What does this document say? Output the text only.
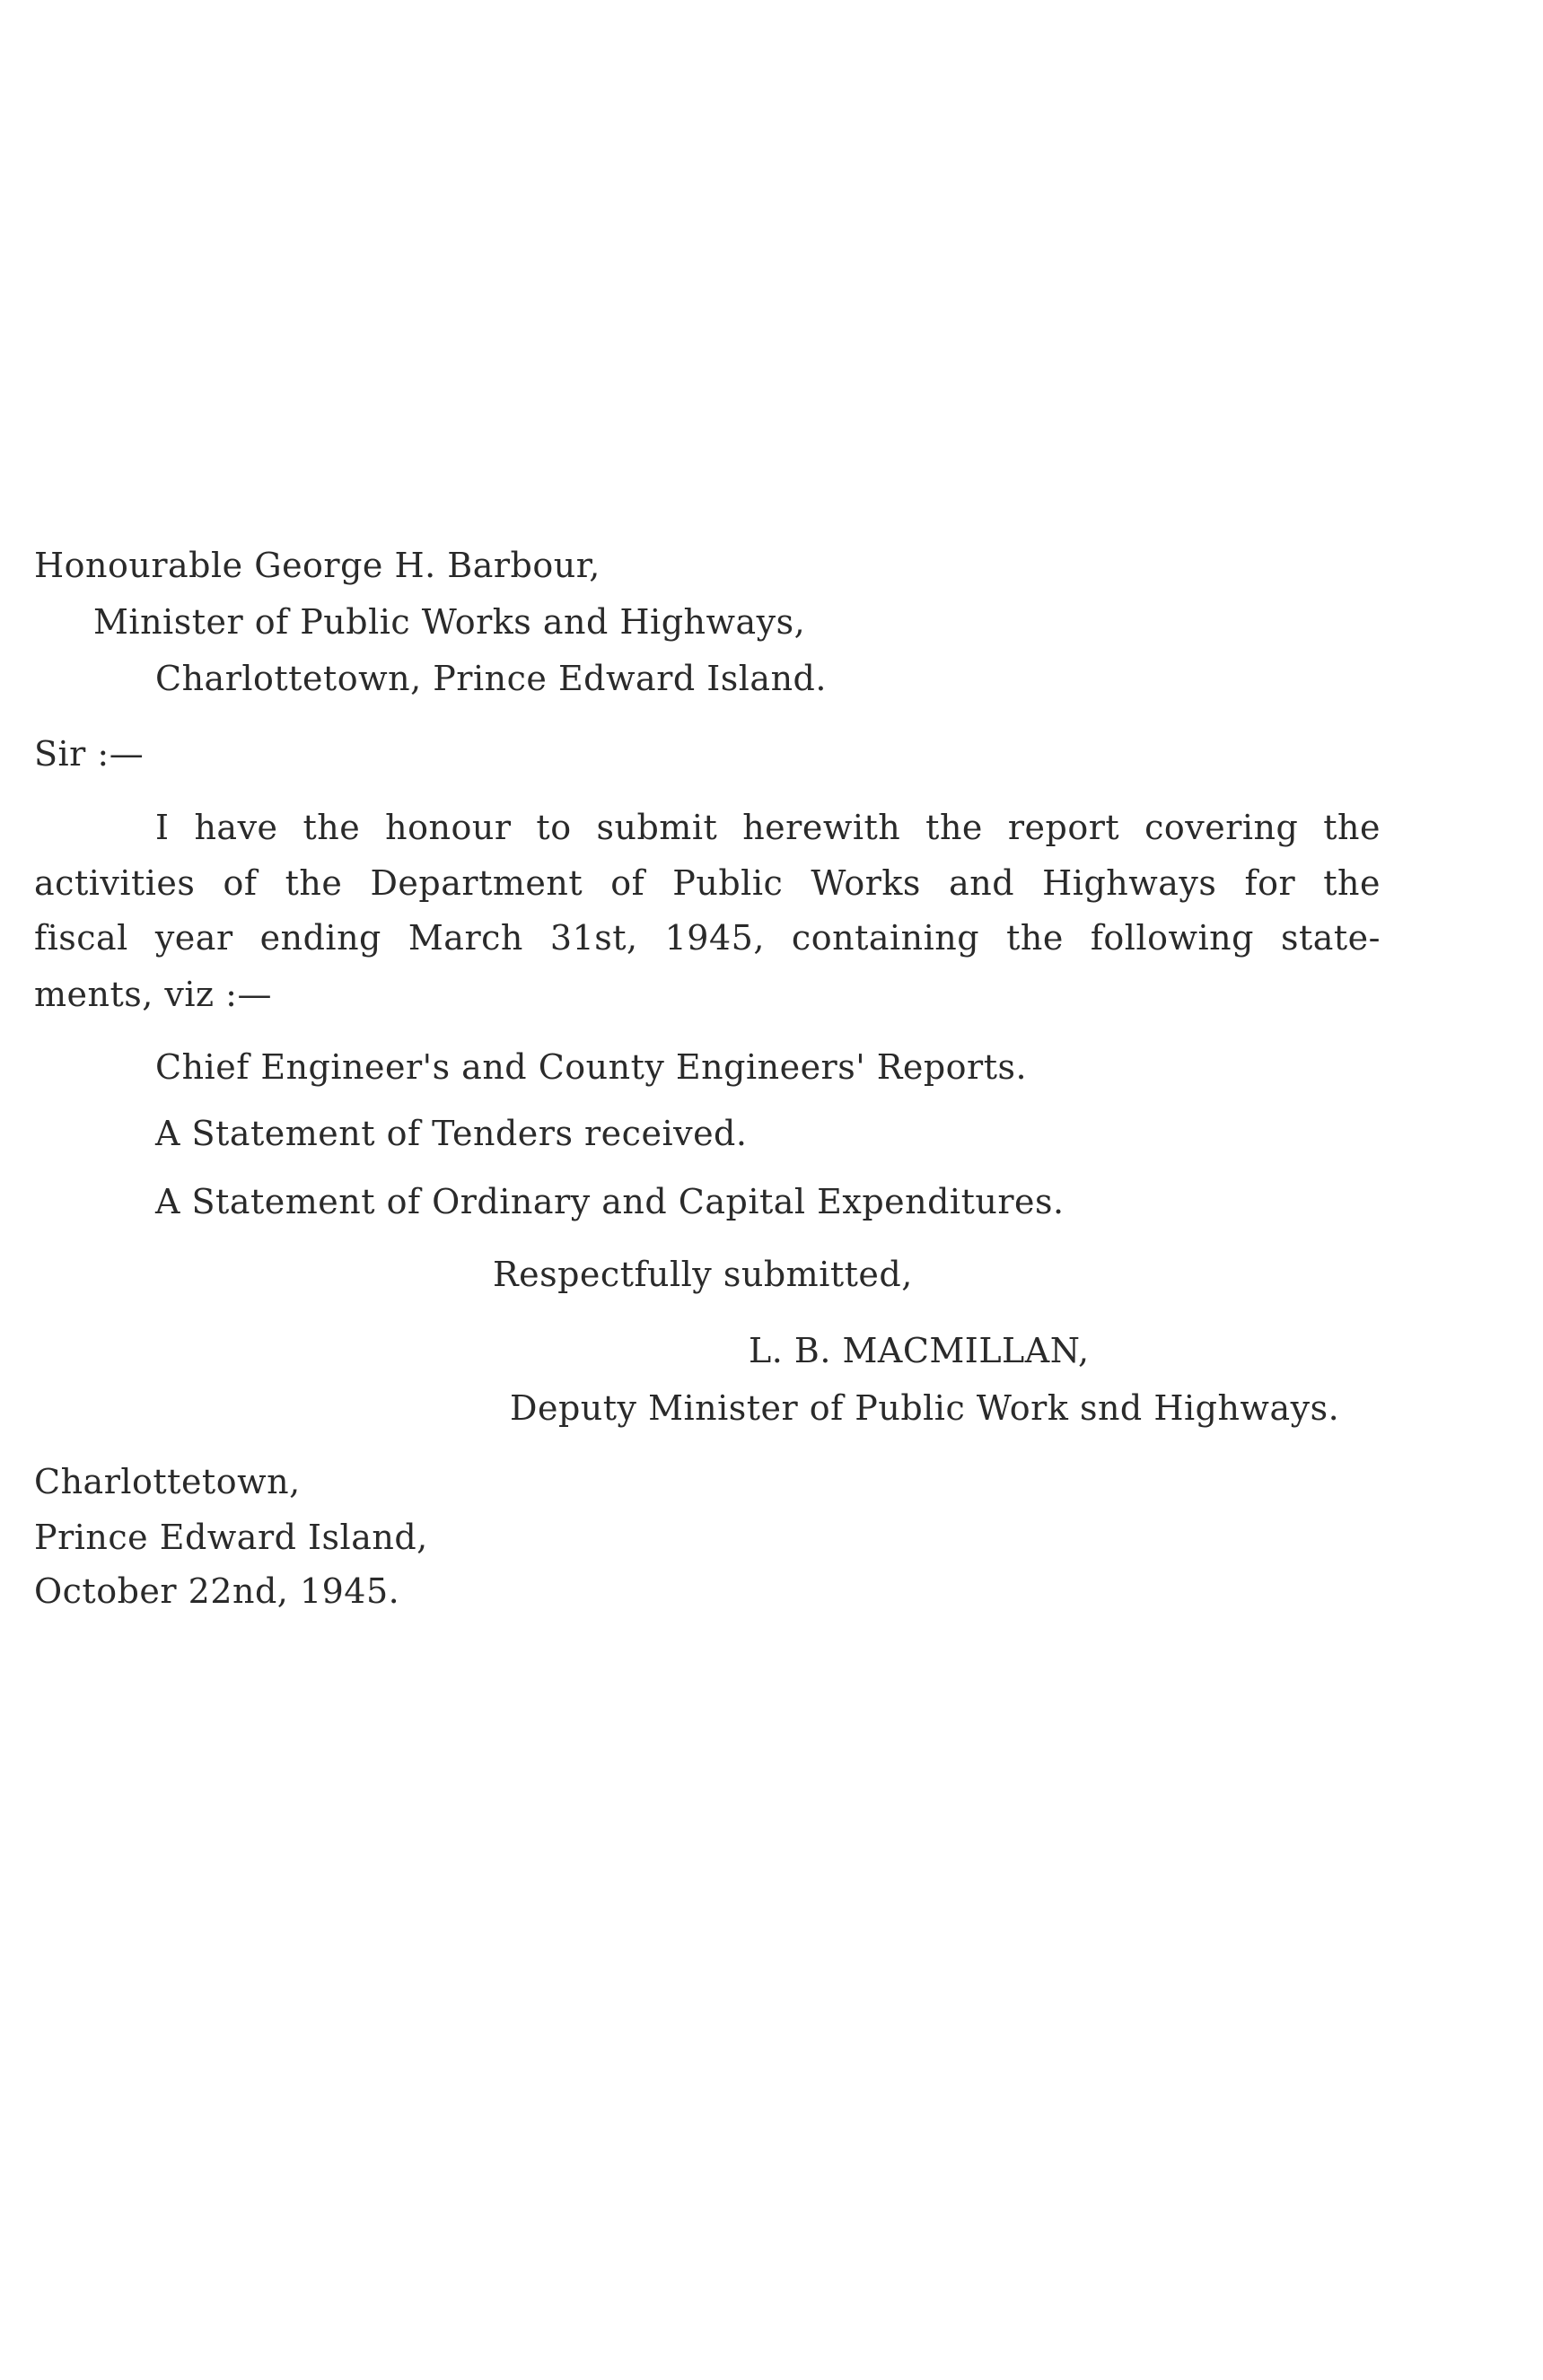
Honourable George H. Barbour,
Minister of Public Works and Highways,
Charlottetown, Prince Edward Island.
Sir :—
I have the honour to submit herewith the report covering the
activities of the Department of Public Works and Highways for the
fiscal year ending March 31st, 1945, containing the following state-
ments, viz :—
Chief Engineer's and County Engineers' Reports.
A Statement of Tenders received.
A Statement of Ordinary and Capital Expenditures.
Respectfully submitted,
L. B. MACMILLAN,
Deputy Minister of Public Work snd Highways.
Charlottetown,
Prince Edward Island,
October 22nd, 1945.
